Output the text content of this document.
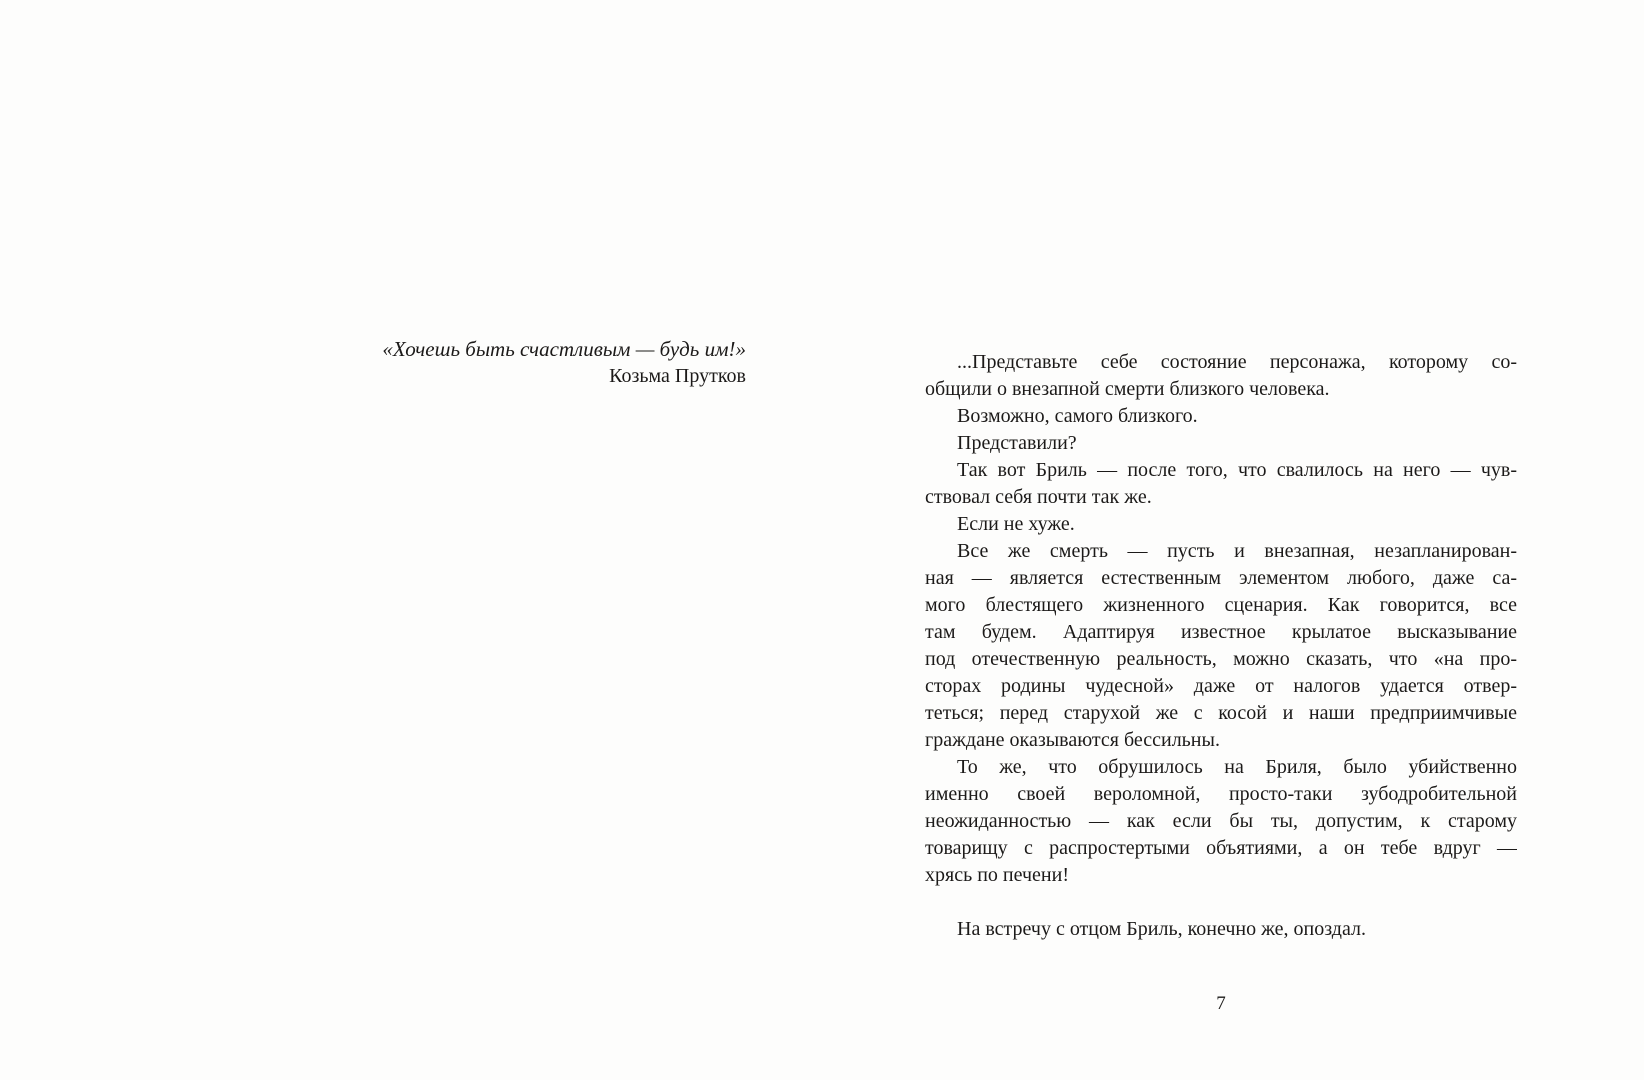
«Хочешь быть счастливым — будь им!»
Козьма Прутков
...Представьте себе состояние персонажа, которому со-
общили о внезапной смерти близкого человека.
Возможно, самого близкого.
Представили?
Так вот Бриль — после того, что свалилось на него — чув-
ствовал себя почти так же.
Если не хуже.
Все же смерть — пусть и внезапная, незапланирован-
ная — является естественным элементом любого, даже са-
мого блестящего жизненного сценария. Как говорится, все
там будем. Адаптируя известное крылатое высказывание
под отечественную реальность, можно сказать, что «на про-
сторах родины чудесной» даже от налогов удается отвер-
теться; перед старухой же с косой и наши предприимчивые
граждане оказываются бессильны.
То же, что обрушилось на Бриля, было убийственно
именно своей вероломной, просто-таки зубодробительной
неожиданностью — как если бы ты, допустим, к старому
товарищу с распростертыми объятиями, а он тебе вдруг —
хрясь по печени!
На встречу с отцом Бриль, конечно же, опоздал.
7
